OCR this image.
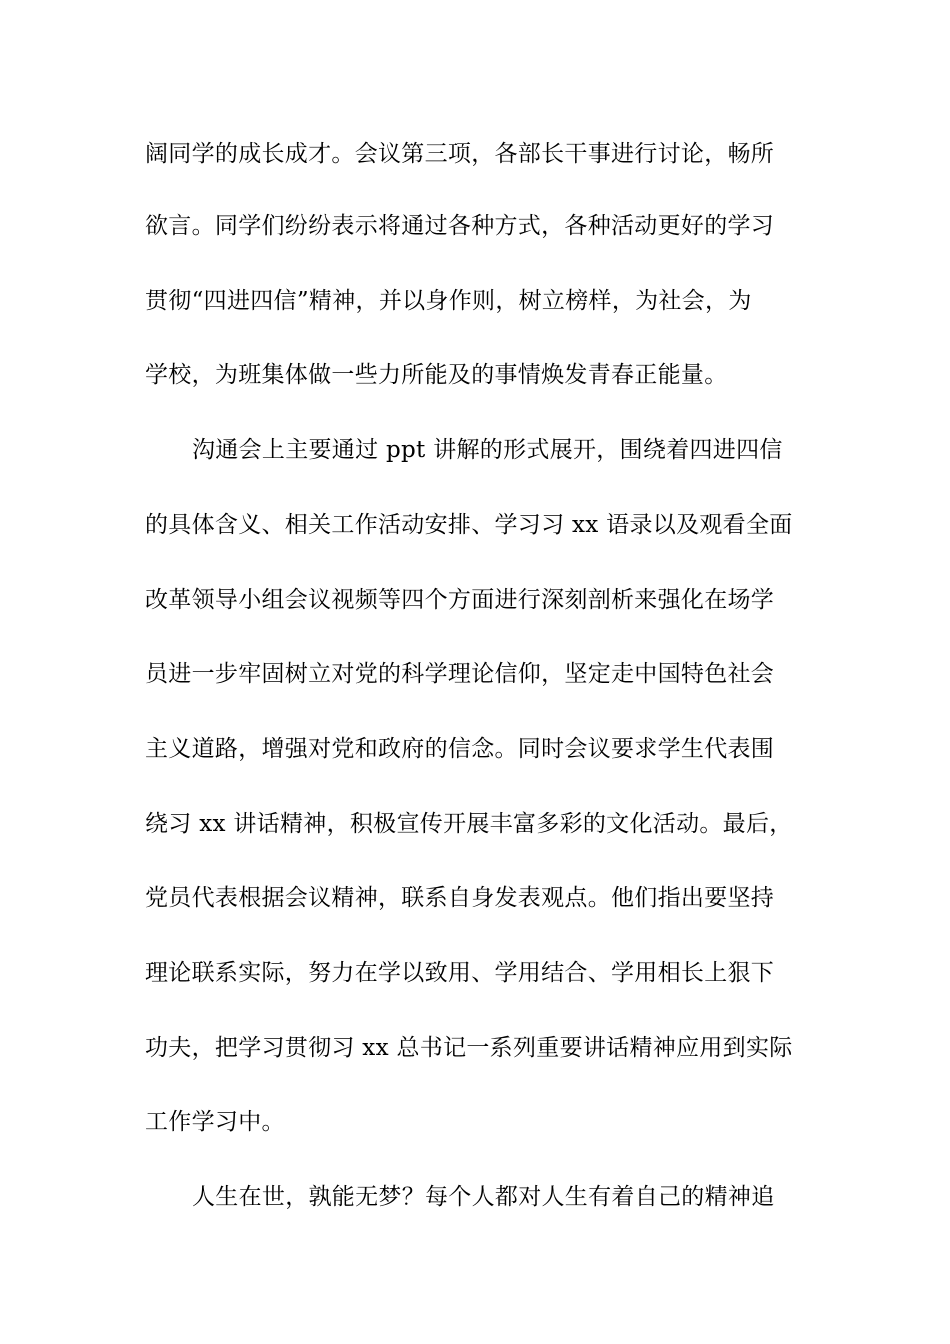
阔同学的成长成才。会议第三项，各部长干事进行讨论，畅所
欲言。同学们纷纷表示将通过各种方式，各种活动更好的学习
贯彻“四进四信”精神，并以身作则，树立榜样，为社会，为
学校，为班集体做一些力所能及的事情焕发青春正能量。
沟通会上主要通过 ppt 讲解的形式展开，围绕着四进四信
的具体含义、相关工作活动安排、学习习 xx 语录以及观看全面
改革领导小组会议视频等四个方面进行深刻剖析来强化在场学
员进一步牢固树立对党的科学理论信仰，坚定走中国特色社会
主义道路，增强对党和政府的信念。同时会议要求学生代表围
绕习 xx 讲话精神，积极宣传开展丰富多彩的文化活动。最后，
党员代表根据会议精神，联系自身发表观点。他们指出要坚持
理论联系实际，努力在学以致用、学用结合、学用相长上狠下
功夫，把学习贯彻习 xx 总书记一系列重要讲话精神应用到实际
工作学习中。
人生在世，孰能无梦？每个人都对人生有着自己的精神追
